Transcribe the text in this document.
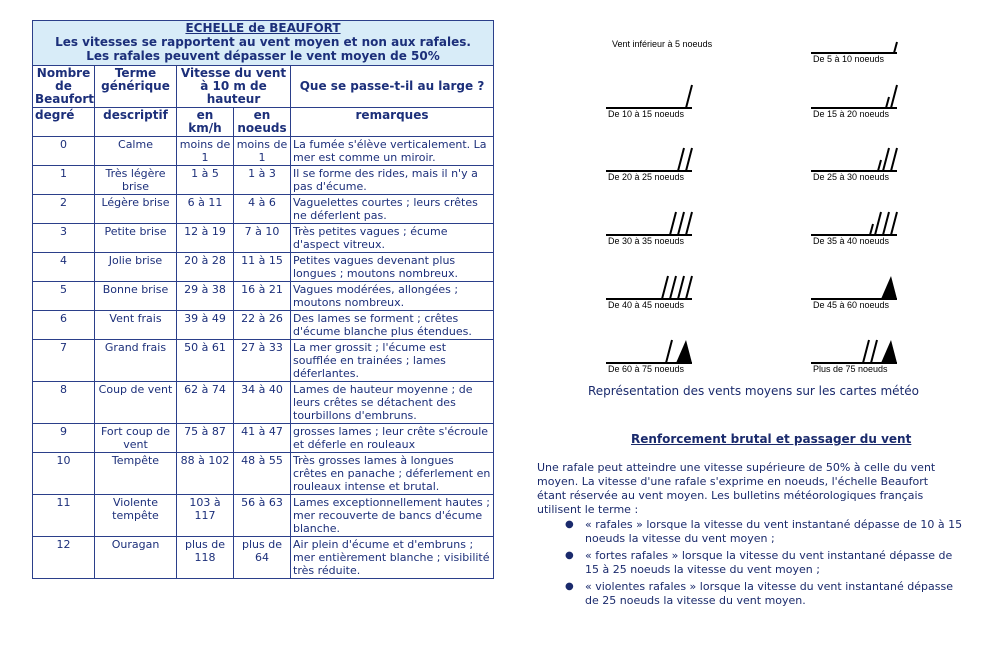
ECHELLE de BEAUFORT
Les vitesses se rapportent au vent moyen et non aux rafales.
Les rafales peuvent dépasser le vent moyen de 50%				

Nombre de Beaufort	Terme générique	Vitesse du vent à 10 m de hauteur		Que se passe-t-il au large ?
degré	descriptif	en km/h	en noeuds	remarques
0	Calme	moins de 1	moins de 1	La fumée s'élève verticalement. La mer est comme un miroir.
1	Très légère brise	1 à 5	1 à 3	Il se forme des rides, mais il n'y a pas d'écume.
2	Légère brise	6 à 11	4 à 6	Vaguelettes courtes ; leurs crêtes ne déferlent pas.
3	Petite brise	12 à 19	7 à 10	Très petites vagues ; écume d'aspect vitreux.
4	Jolie brise	20 à 28	11 à 15	Petites vagues devenant plus longues ; moutons nombreux.
5	Bonne brise	29 à 38	16 à 21	Vagues modérées, allongées ; moutons nombreux.
6	Vent frais	39 à 49	22 à 26	Des lames se forment ; crêtes d'écume blanche plus étendues.
7	Grand frais	50 à 61	27 à 33	La mer grossit ; l'écume est soufflée en trainées ; lames déferlantes.
8	Coup de vent	62 à 74	34 à 40	Lames de hauteur moyenne ; de leurs crêtes se détachent des tourbillons d'embruns.
9	Fort coup de vent	75 à 87	41 à 47	grosses lames ; leur crête s'écroule et déferle en rouleaux
10	Tempête	88 à 102	48 à 55	Très grosses lames à longues crêtes en panache ; déferlement en rouleaux intense et brutal.
11	Violente tempête	103 à 117	56 à 63	Lames exceptionnellement hautes ; mer recouverte de bancs d'écume blanche.
12	Ouragan	plus de 118	plus de 64	Air plein d'écume et d'embruns ; mer entièrement blanche ; visibilité très réduite.
Vent inférieur à 5 noeuds
De 5 à 10 noeuds
De 10 à 15 noeuds	De 15 à 20 noeuds
De 20 à 25 noeuds	De 25 à 30 noeuds
De 30 à 35 noeuds	De 35 à 40 noeuds
De 40 à 45 noeuds	De 45 à 60 noeuds
De 60 à 75 noeuds	Plus de 75 noeuds
Représentation des vents moyens sur les cartes météo
Renforcement brutal et passager du vent
Une rafale peut atteindre une vitesse supérieure de 50% à celle du vent moyen. La vitesse d'une rafale s'exprime en noeuds, l'échelle Beaufort étant réservée au vent moyen. Les bulletins météorologiques français utilisent le terme :
● « rafales » lorsque la vitesse du vent instantané dépasse de 10 à 15 noeuds la vitesse du vent moyen ;
● « fortes rafales » lorsque la vitesse du vent instantané dépasse de 15 à 25 noeuds la vitesse du vent moyen ;
● « violentes rafales » lorsque la vitesse du vent instantané dépasse de 25 noeuds la vitesse du vent moyen.
